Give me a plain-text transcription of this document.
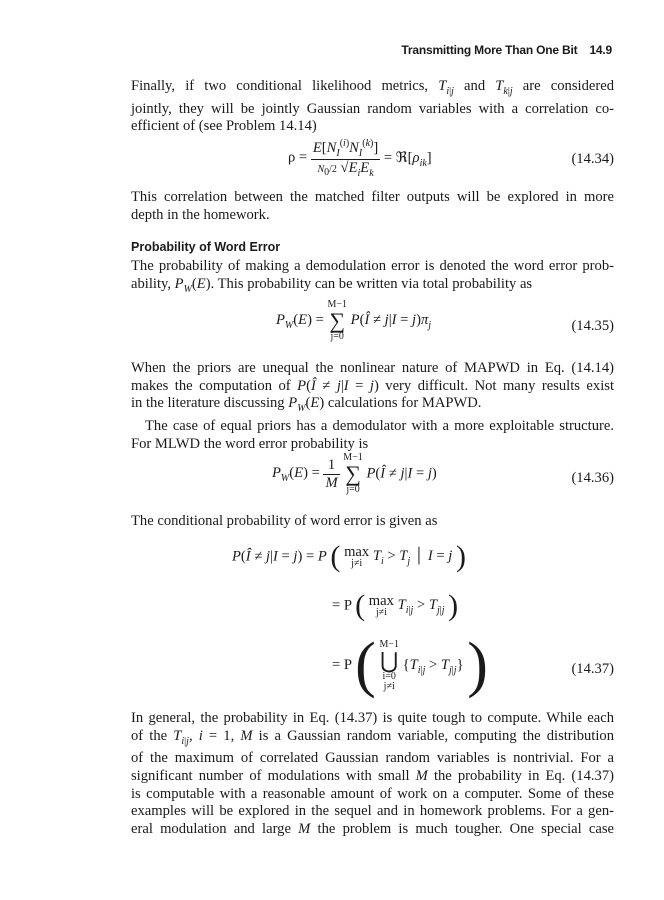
Transmitting More Than One Bit 14.9
Finally, if two conditional likelihood metrics, $T_{i|j}$ and $T_{k|j}$ are considered
jointly, they will be jointly Gaussian random variables with a correlation co-
efficient of (see Problem 14.14)
$\rho = \frac{E[N_I^{(i)}N_I^{(k)}]}{N_0/2 √E_iE_k}$ = $ℜ[\rho_{ik}]$	(14.34)
This correlation between the matched filter outputs will be explored in more
depth in the homework.
Probability of Word Error
The probability of making a demodulation error is denoted the word error prob-
ability, $P_W(E)$. This probability can be written via total probability as
$P_W(E)$ =
M−1
∑
j=0
P(Î ≠ $j|I = j)\pi_j$	(14.35)
When the priors are unequal the nonlinear nature of MAPWD in Eq. (14.14)
makes the computation of P(Î ≠ j|I = j) very difficult. Not many results exist
in the literature discussing $P_W(E)$ calculations for MAPWD.
The case of equal priors has a demodulator with a more exploitable structure.
For MLWD the word error probability is
$P_W(E) = \frac{1}{M}$
M−1
∑
j=0
P(Î ≠ j|I = j)	(14.36)
The conditional probability of word error is given as
P(Î ≠ j|I = j) = P ( max
j≠i $T_i > T_j$ │ I = j )
= P ( max
j≠i $T_{i|j} > T_{j|j}$ )
= P ( M−1
⋃
i=0
j≠i
$\{T_{i|j} > T_{j|j}\}$ )	(14.37)
In general, the probability in Eq. (14.37) is quite tough to compute. While each
of the $T_{i|j}$, i = 1, M is a Gaussian random variable, computing the distribution
of the maximum of correlated Gaussian random variables is nontrivial. For a
significant number of modulations with small M the probability in Eq. (14.37)
is computable with a reasonable amount of work on a computer. Some of these
examples will be explored in the sequel and in homework problems. For a gen-
eral modulation and large M the problem is much tougher. One special case
